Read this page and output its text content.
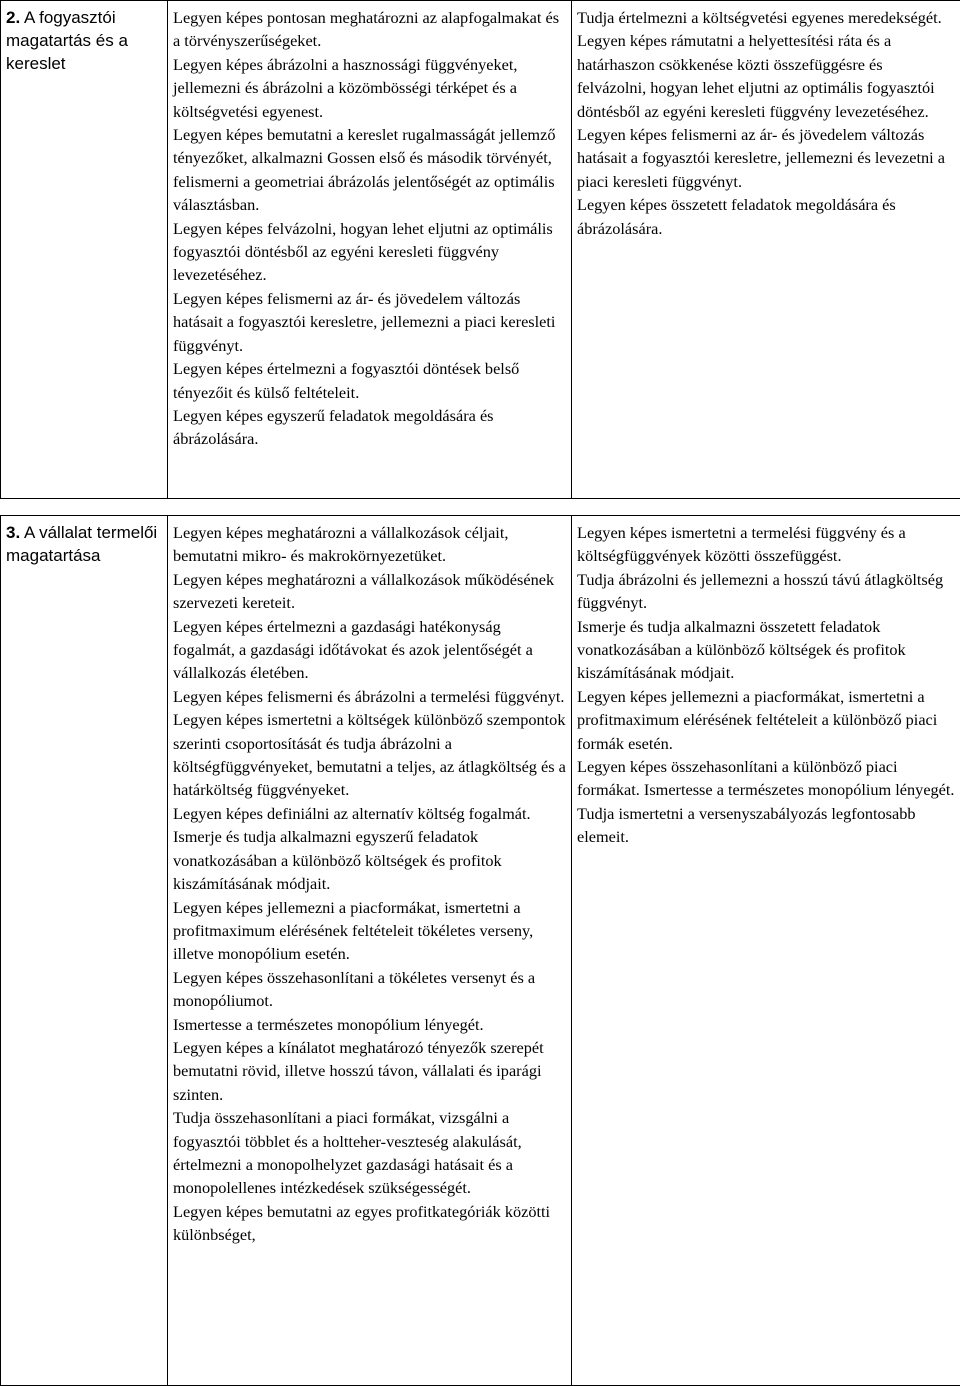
2. A fogyasztói magatartás és a kereslet	Legyen képes pontosan meghatározni az alapfogalmakat és a törvényszerűségeket.
Legyen képes ábrázolni a hasznossági függvényeket, jellemezni és ábrázolni a közömbösségi térképet és a költségvetési egyenest.
Legyen képes bemutatni a kereslet rugalmasságát jellemző tényezőket, alkalmazni Gossen első és második törvényét, felismerni a geometriai ábrázolás jelentőségét az optimális választásban.
Legyen képes felvázolni, hogyan lehet eljutni az optimális fogyasztói döntésből az egyéni keresleti függvény levezetéséhez.
Legyen képes felismerni az ár- és jövedelem változás hatásait a fogyasztói keresletre, jellemezni a piaci keresleti függvényt.
Legyen képes értelmezni a fogyasztói döntések belső tényezőit és külső feltételeit.
Legyen képes egyszerű feladatok megoldására és ábrázolására.	Tudja értelmezni a költségvetési egyenes meredekségét.
Legyen képes rámutatni a helyettesítési ráta és a határhaszon csökkenése közti összefüggésre és felvázolni, hogyan lehet eljutni az optimális fogyasztói döntésből az egyéni keresleti függvény levezetéséhez.
Legyen képes felismerni az ár- és jövedelem változás hatásait a fogyasztói keresletre, jellemezni és levezetni a piaci keresleti függvényt.
Legyen képes összetett feladatok megoldására és ábrázolására.
3. A vállalat termelői magatartása	Legyen képes meghatározni a vállalkozások céljait, bemutatni mikro- és makrokörnyezetüket.
Legyen képes meghatározni a vállalkozások működésének szervezeti kereteit.
Legyen képes értelmezni a gazdasági hatékonyság fogalmát, a gazdasági időtávokat és azok jelentőségét a vállalkozás életében.
Legyen képes felismerni és ábrázolni a termelési függvényt.
Legyen képes ismertetni a költségek különböző szempontok szerinti csoportosítását és tudja ábrázolni a költségfüggvényeket, bemutatni a teljes, az átlagköltség és a határköltség függvényeket.
Legyen képes definiálni az alternatív költség fogalmát. Ismerje és tudja alkalmazni egyszerű feladatok vonatkozásában a különböző költségek és profitok kiszámításának módjait.
Legyen képes jellemezni a piacformákat, ismertetni a profitmaximum elérésének feltételeit tökéletes verseny, illetve monopólium esetén.
Legyen képes összehasonlítani a tökéletes versenyt és a monopóliumot.
Ismertesse a természetes monopólium lényegét.
Legyen képes a kínálatot meghatározó tényezők szerepét bemutatni rövid, illetve hosszú távon, vállalati és iparági szinten.
Tudja összehasonlítani a piaci formákat, vizsgálni a fogyasztói többlet és a holtteher-veszteség alakulását, értelmezni a monopolhelyzet gazdasági hatásait és a monopolellenes intézkedések szükségességét.
Legyen képes bemutatni az egyes profitkategóriák közötti különbséget,	Legyen képes ismertetni a termelési függvény és a költségfüggvények közötti összefüggést.
Tudja ábrázolni és jellemezni a hosszú távú átlagköltség függvényt.
Ismerje és tudja alkalmazni összetett feladatok vonatkozásában a különböző költségek és profitok kiszámításának módjait.
Legyen képes jellemezni a piacformákat, ismertetni a profitmaximum elérésének feltételeit a különböző piaci formák esetén.
Legyen képes összehasonlítani a különböző piaci formákat. Ismertesse a természetes monopólium lényegét.
Tudja ismertetni a versenyszabályozás legfontosabb elemeit.
